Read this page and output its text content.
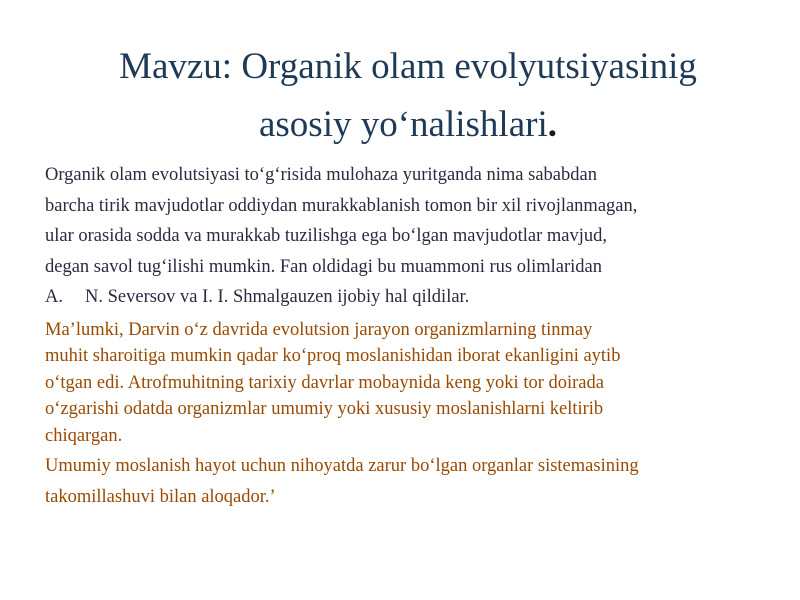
Mavzu: Organik olam evolyutsiyasinig
asosiy yo‘nalishlari.

Organik olam evolutsiyasi to‘g‘risida mulohaza yuritganda nima sababdan
barcha tirik mavjudotlar oddiydan murakkablanish tomon bir xil rivojlanmagan,
ular orasida sodda va murakkab tuzilishga ega bo‘lgan mavjudotlar mavjud,
degan savol tug‘ilishi mumkin. Fan oldidagi bu muammoni rus olimlaridan
A. N. Seversov va I. I. Shmalgauzen ijobiy hal qildilar.

Ma’lumki, Darvin o‘z davrida evolutsion jarayon organizmlarning tinmay
muhit sharoitiga mumkin qadar ko‘proq moslanishidan iborat ekanligini aytib
o‘tgan edi. Atrofmuhitning tarixiy davrlar mobaynida keng yoki tor doirada
o‘zgarishi odatda organizmlar umumiy yoki xususiy moslanishlarni keltirib
chiqargan.

Umumiy moslanish hayot uchun nihoyatda zarur bo‘lgan organlar sistemasining
takomillashuvi bilan aloqador.’
